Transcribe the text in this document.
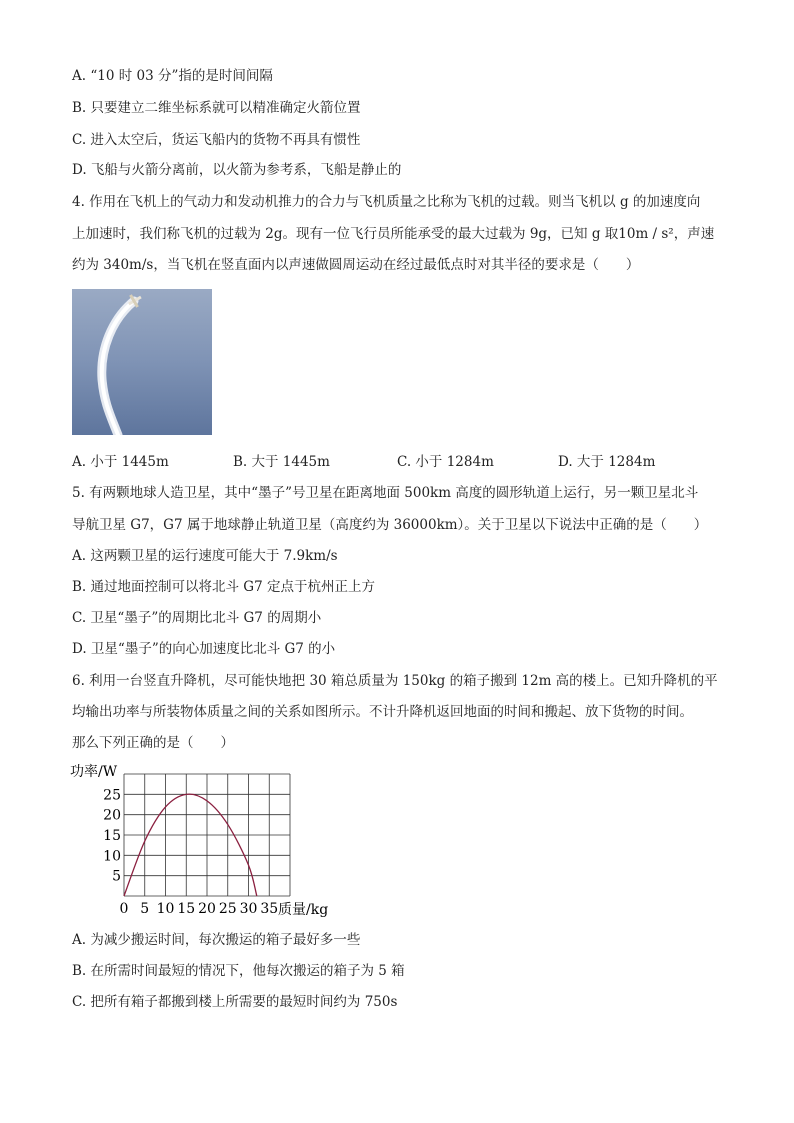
A. “10 时 03 分”指的是时间间隔
B. 只要建立二维坐标系就可以精准确定火箭位置
C. 进入太空后，货运飞船内的货物不再具有惯性
D. 飞船与火箭分离前，以火箭为参考系，飞船是静止的
4. 作用在飞机上的气动力和发动机推力的合力与飞机质量之比称为飞机的过载。则当飞机以 g 的加速度向
上加速时，我们称飞机的过载为 2g。现有一位飞行员所能承受的最大过载为 9g，已知 g 取10m / s²，声速
约为 340m/s，当飞机在竖直面内以声速做圆周运动在经过最低点时对其半径的要求是（　　）
A. 小于 1445m	B. 大于 1445m	C. 小于 1284m	D. 大于 1284m
5. 有两颗地球人造卫星，其中“墨子”号卫星在距离地面 500km 高度的圆形轨道上运行，另一颗卫星北斗
导航卫星 G7，G7 属于地球静止轨道卫星（高度约为 36000km）。关于卫星以下说法中正确的是（　　）
A. 这两颗卫星的运行速度可能大于 7.9km/s
B. 通过地面控制可以将北斗 G7 定点于杭州正上方
C. 卫星“墨子”的周期比北斗 G7 的周期小
D. 卫星“墨子”的向心加速度比北斗 G7 的小
6. 利用一台竖直升降机，尽可能快地把 30 箱总质量为 150kg 的箱子搬到 12m 高的楼上。已知升降机的平
均输出功率与所装物体质量之间的关系如图所示。不计升降机返回地面的时间和搬起、放下货物的时间。
那么下列正确的是（　　）
功率/W
质量/kg
0 5 10 15 20 25 30 35
5
10
15
20
25
A. 为减少搬运时间，每次搬运的箱子最好多一些
B. 在所需时间最短的情况下，他每次搬运的箱子为 5 箱
C. 把所有箱子都搬到楼上所需要的最短时间约为 750s
